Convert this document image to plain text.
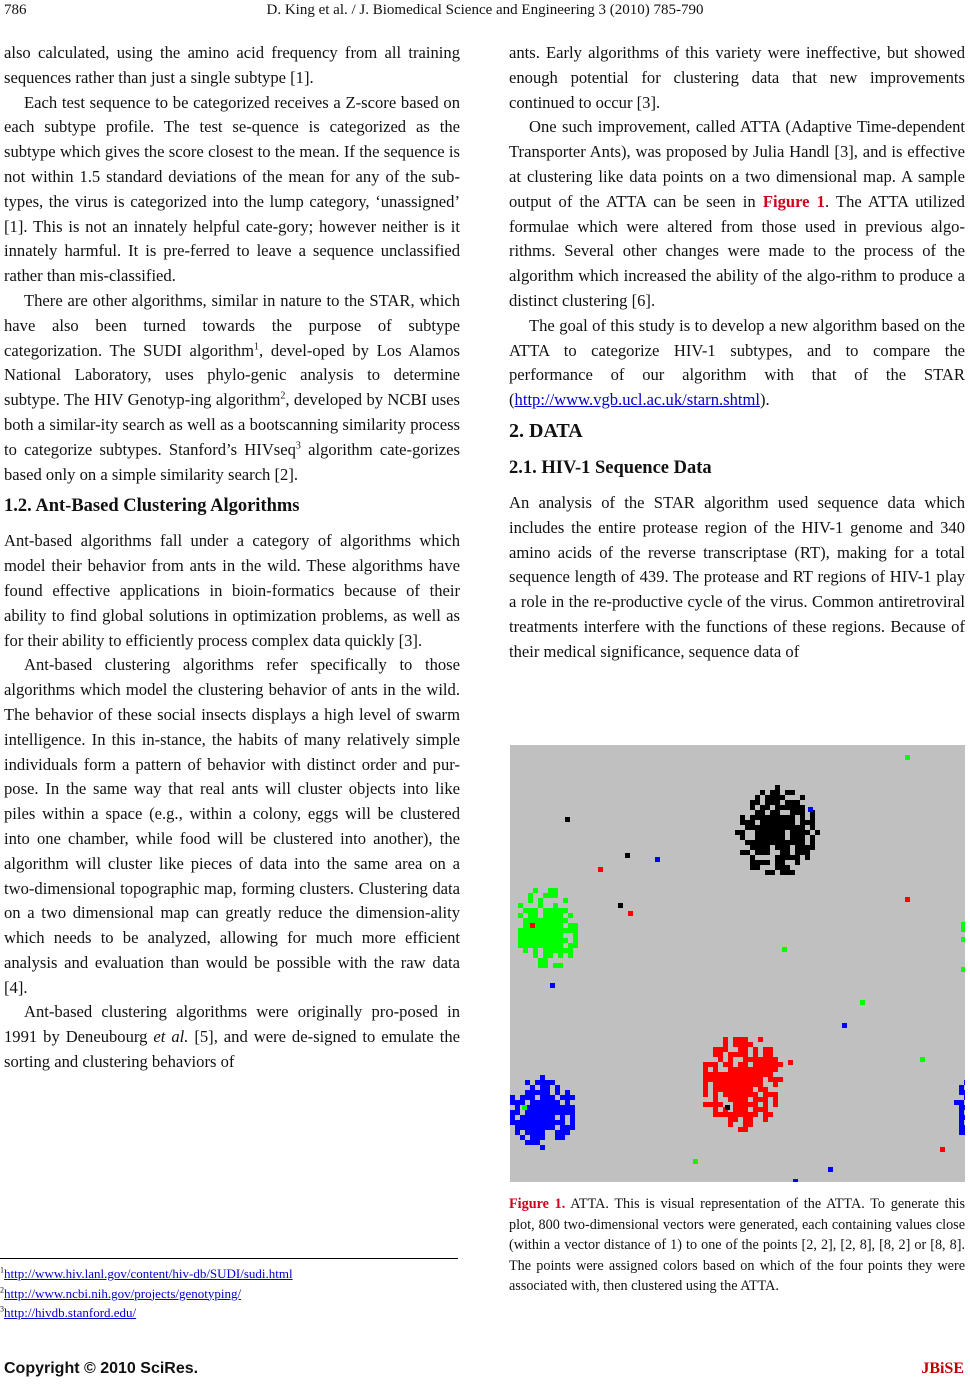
786	D. King et al. / J. Biomedical Science and Engineering 3 (2010) 785-790

also calculated, using the amino acid frequency from all training sequences rather than just a single subtype [1].

Each test sequence to be categorized receives a Z-score based on each subtype profile. The test se-quence is categorized as the subtype which gives the score closest to the mean. If the sequence is not within 1.5 standard deviations of the mean for any of the sub-types, the virus is categorized into the lump category, ‘unassigned’ [1]. This is not an innately helpful cate-gory; however neither is it innately harmful. It is pre-ferred to leave a sequence unclassified rather than mis-classified.

There are other algorithms, similar in nature to the STAR, which have also been turned towards the purpose of subtype categorization. The SUDI algorithm$^1$, devel-oped by Los Alamos National Laboratory, uses phylo-genic analysis to determine subtype. The HIV Genotyp-ing algorithm$^2$, developed by NCBI uses both a similar-ity search as well as a bootscanning similarity process to categorize subtypes. Stanford’s HIVseq$^3$ algorithm cate-gorizes based only on a simple similarity search [2].

1.2. Ant-Based Clustering Algorithms

Ant-based algorithms fall under a category of algorithms which model their behavior from ants in the wild. These algorithms have found effective applications in bioin-formatics because of their ability to find global solutions in optimization problems, as well as for their ability to efficiently process complex data quickly [3].

Ant-based clustering algorithms refer specifically to those algorithms which model the clustering behavior of ants in the wild. The behavior of these social insects displays a high level of swarm intelligence. In this in-stance, the habits of many relatively simple individuals form a pattern of behavior with distinct order and pur-pose. In the same way that real ants will cluster objects into like piles within a space (e.g., within a colony, eggs will be clustered into one chamber, while food will be clustered into another), the algorithm will cluster like pieces of data into the same area on a two-dimensional topographic map, forming clusters. Clustering data on a two dimensional map can greatly reduce the dimension-ality which needs to be analyzed, allowing for much more efficient analysis and evaluation than would be possible with the raw data [4].

Ant-based clustering algorithms were originally pro-posed in 1991 by Deneubourg et al. [5], and were de-signed to emulate the sorting and clustering behaviors of

ants. Early algorithms of this variety were ineffective, but showed enough potential for clustering data that new improvements continued to occur [3].

One such improvement, called ATTA (Adaptive Time-dependent Transporter Ants), was proposed by Julia Handl [3], and is effective at clustering like data points on a two dimensional map. A sample output of the ATTA can be seen in Figure 1. The ATTA utilized formulae which were altered from those used in previous algo-rithms. Several other changes were made to the process of the algorithm which increased the ability of the algo-rithm to produce a distinct clustering [6].

The goal of this study is to develop a new algorithm based on the ATTA to categorize HIV-1 subtypes, and to compare the performance of our algorithm with that of the STAR (http://www.vgb.ucl.ac.uk/starn.shtml).

2. DATA

2.1. HIV-1 Sequence Data

An analysis of the STAR algorithm used sequence data which includes the entire protease region of the HIV-1 genome and 340 amino acids of the reverse transcriptase (RT), making for a total sequence length of 439. The protease and RT regions of HIV-1 play a role in the re-productive cycle of the virus. Common antiretroviral treatments interfere with the functions of these regions. Because of their medical significance, sequence data of

Figure 1. ATTA. This is visual representation of the ATTA. To generate this plot, 800 two-dimensional vectors were generated, each containing values close (within a vector distance of 1) to one of the points [2, 2], [2, 8], [8, 2] or [8, 8]. The points were assigned colors based on which of the four points they were associated with, then clustered using the ATTA.
$^1$http://www.hiv.lanl.gov/content/hiv-db/SUDI/sudi.html
$^2$http://www.ncbi.nih.gov/projects/genotyping/
$^3$http://hivdb.stanford.edu/
Copyright © 2010 SciRes.	JBiSE
